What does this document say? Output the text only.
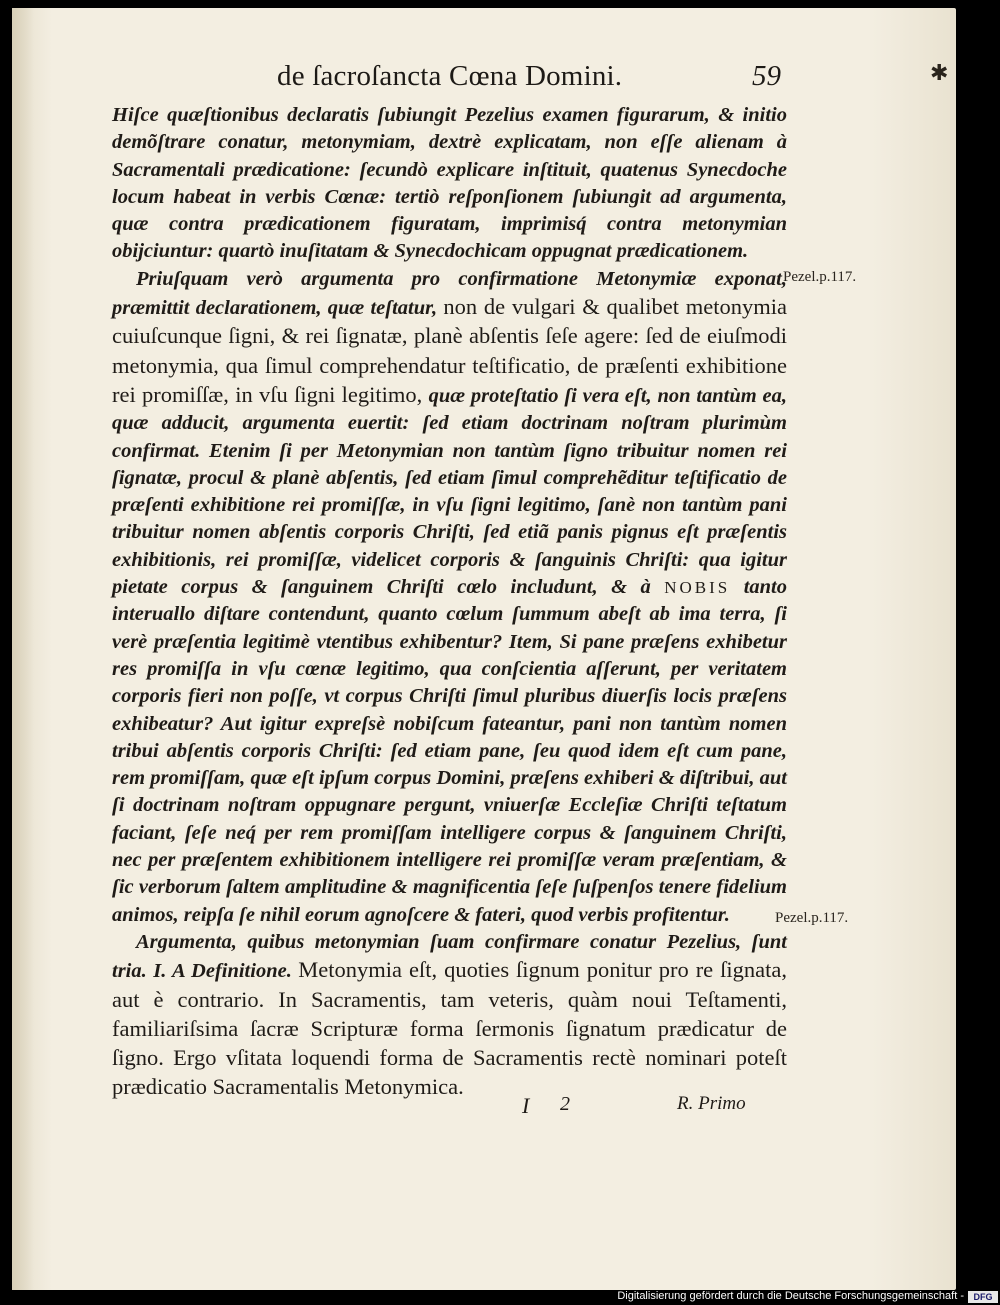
de ſacroſancta Cœna Domini.	59	✱

Hiſce quæſtionibus declaratis ſubiungit Pezelius examen figurarum, & initio demõſtrare conatur, metonymiam, dextrè explicatam, non eſſe alienam à Sacramentali prædicatione: ſecundò explicare inſtituit, quatenus Synecdoche locum habeat in verbis Cœnæ: tertiò reſponſionem ſubiungit ad argumenta, quæ contra prædicationem figuratam, imprimisq́ contra metonymian obijciuntur: quartò inuſitatam & Synecdochicam oppugnat prædicationem.

Priuſquam verò argumenta pro confirmatione Metonymiæ exponat, præmittit declarationem, quæ teſtatur, non de vulgari & qualibet metonymia cuiuſcunque ſigni, & rei ſignatæ, planè abſentis ſeſe agere: ſed de eiuſmodi metonymia, qua ſimul comprehendatur teſtificatio, de præſenti exhibitione rei promiſſæ, in vſu ſigni legitimo, quæ proteſtatio ſi vera eſt, non tantùm ea, quæ adducit, argumenta euertit: ſed etiam doctrinam noſtram plurimùm confirmat. Etenim ſi per Metonymian non tantùm ſigno tribuitur nomen rei ſignatæ, procul & planè abſentis, ſed etiam ſimul comprehẽditur teſtificatio de præſenti exhibitione rei promiſſæ, in vſu ſigni legitimo, ſanè non tantùm pani tribuitur nomen abſentis corporis Chriſti, ſed etiã panis pignus eſt præſentis exhibitionis, rei promiſſæ, videlicet corporis & ſanguinis Chriſti: qua igitur pietate corpus & ſanguinem Chriſti cœlo includunt, & à NOBIS tanto interuallo diſtare contendunt, quanto cœlum ſummum abeſt ab ima terra, ſi verè præſentia legitimè vtentibus exhibentur? Item, Si pane præſens exhibetur res promiſſa in vſu cœnæ legitimo, qua conſcientia aſſerunt, per veritatem corporis fieri non poſſe, vt corpus Chriſti ſimul pluribus diuerſis locis præſens exhibeatur? Aut igitur expreſsè nobiſcum fateantur, pani non tantùm nomen tribui abſentis corporis Chriſti: ſed etiam pane, ſeu quod idem eſt cum pane, rem promiſſam, quæ eſt ipſum corpus Domini, præſens exhiberi & diſtribui, aut ſi doctrinam noſtram oppugnare pergunt, vniuerſæ Eccleſiæ Chriſti teſtatum faciant, ſeſe neq́ per rem promiſſam intelligere corpus & ſanguinem Chriſti, nec per præſentem exhibitionem intelligere rei promiſſæ veram præſentiam, & ſic verborum ſaltem amplitudine & magnificentia ſeſe ſuſpenſos tenere fidelium animos, reipſa ſe nihil eorum agnoſcere & fateri, quod verbis profitentur.

Argumenta, quibus metonymian ſuam confirmare conatur Pezelius, ſunt tria. I. A Definitione. Metonymia eſt, quoties ſignum ponitur pro re ſignata, aut è contrario. In Sacramentis, tam veteris, quàm noui Teſtamenti, familiariſsima ſacræ Scripturæ forma ſermonis ſignatum prædicatur de ſigno. Ergo vſitata loquendi forma de Sacramentis rectè nominari poteſt prædicatio Sacramentalis Metonymica.

Pezel.p.117.
Pezel.p.117.
I 2	R. Primo
Digitalisierung gefördert durch die Deutsche Forschungsgemeinschaft -	DFG
